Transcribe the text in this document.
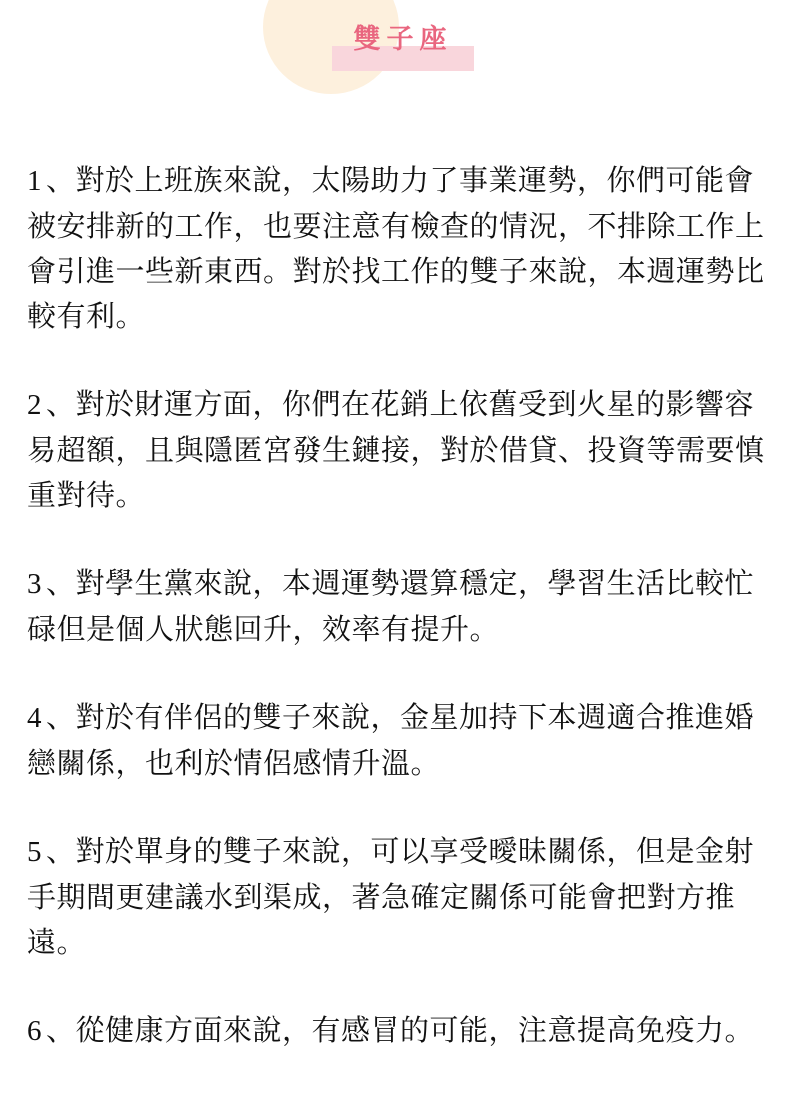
雙子座

1 、對於上班族來說，太陽助力了事業運勢，你們可能會被安排新的工作，也要注意有檢查的情況，不排除工作上會引進一些新東西。對於找工作的雙子來說，本週運勢比較有利。

2 、對於財運方面，你們在花銷上依舊受到火星的影響容易超額，且與隱匿宮發生鏈接，對於借貸、投資等需要慎重對待。

3 、對學生黨來說，本週運勢還算穩定，學習生活比較忙碌但是個人狀態回升，效率有提升。

4 、對於有伴侶的雙子來說，金星加持下本週適合推進婚戀關係，也利於情侶感情升溫。

5 、對於單身的雙子來說，可以享受曖昧關係，但是金射手期間更建議水到渠成，著急確定關係可能會把對方推遠。

6 、從健康方面來說，有感冒的可能，注意提高免疫力。
